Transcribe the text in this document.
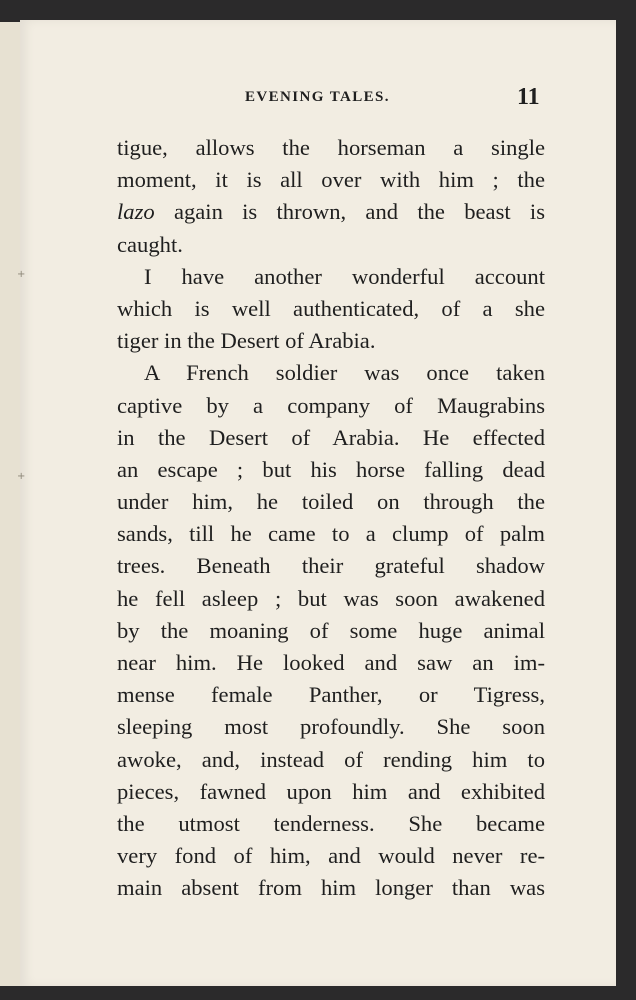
+
+
EVENING TALES.	11
tigue, allows the horseman a single
moment, it is all over with him ; the
lazo again is thrown, and the beast is
caught.
I have another wonderful account
which is well authenticated, of a she
tiger in the Desert of Arabia.
A French soldier was once taken
captive by a company of Maugrabins
in the Desert of Arabia. He effected
an escape ; but his horse falling dead
under him, he toiled on through the
sands, till he came to a clump of palm
trees. Beneath their grateful shadow
he fell asleep ; but was soon awakened
by the moaning of some huge animal
near him. He looked and saw an im-
mense female Panther, or Tigress,
sleeping most profoundly. She soon
awoke, and, instead of rending him to
pieces, fawned upon him and exhibited
the utmost tenderness. She became
very fond of him, and would never re-
main absent from him longer than was
